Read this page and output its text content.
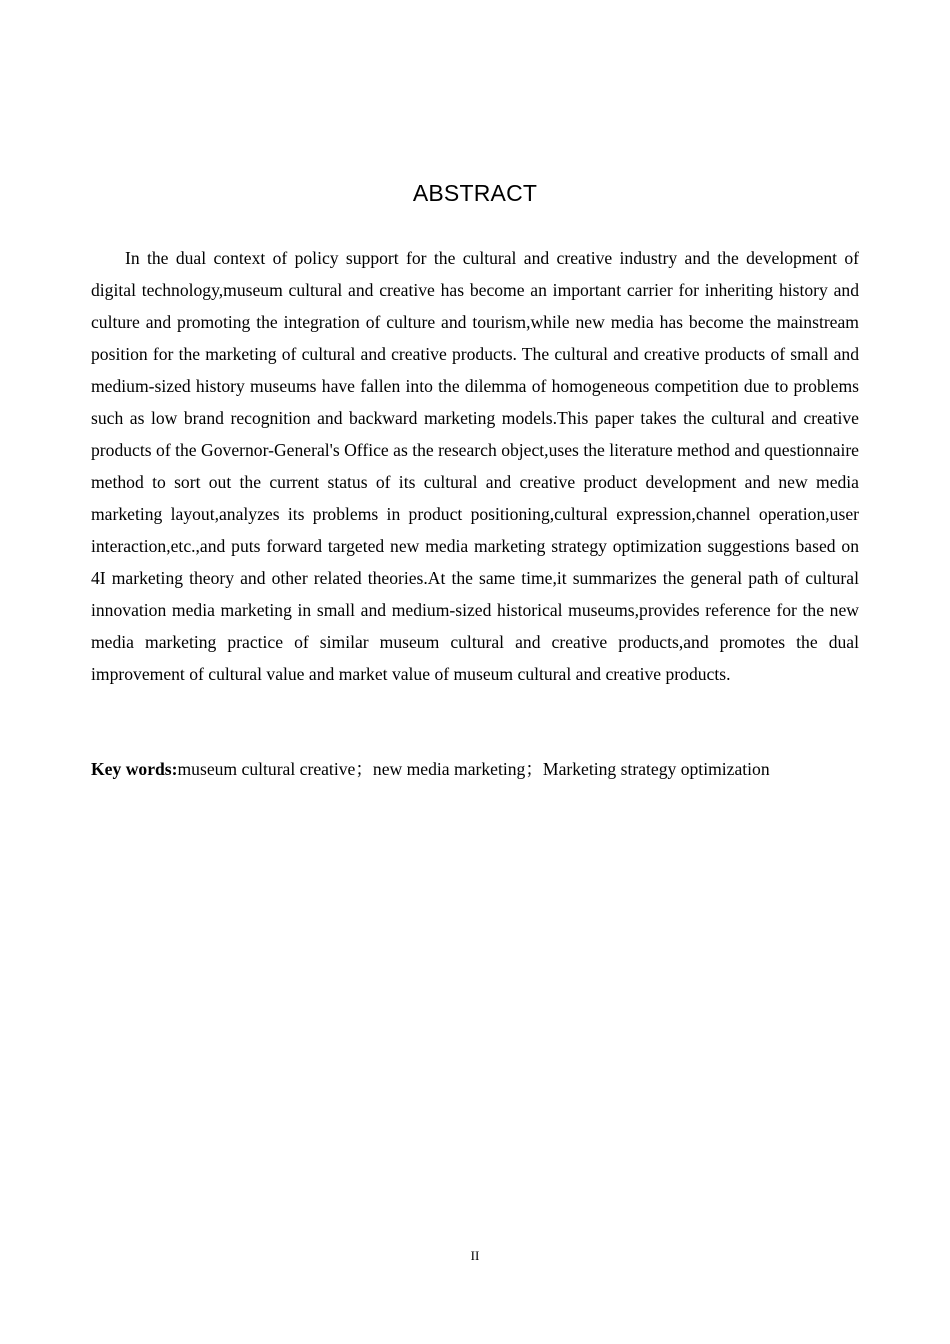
ABSTRACT

In the dual context of policy support for the cultural and creative industry and the development of digital technology,museum cultural and creative has become an important carrier for inheriting history and culture and promoting the integration of culture and tourism,while new media has become the mainstream position for the marketing of cultural and creative products. The cultural and creative products of small and medium-sized history museums have fallen into the dilemma of homogeneous competition due to problems such as low brand recognition and backward marketing models.This paper takes the cultural and creative products of the Governor-General's Office as the research object,uses the literature method and questionnaire method to sort out the current status of its cultural and creative product development and new media marketing layout,analyzes its problems in product positioning,cultural expression,channel operation,user interaction,etc.,and puts forward targeted new media marketing strategy optimization suggestions based on 4I marketing theory and other related theories.At the same time,it summarizes the general path of cultural innovation media marketing in small and medium-sized historical museums,provides reference for the new media marketing practice of similar museum cultural and creative products,and promotes the dual improvement of cultural value and market value of museum cultural and creative products.

Key words:museum cultural creative；new media marketing；Marketing strategy optimization

II
